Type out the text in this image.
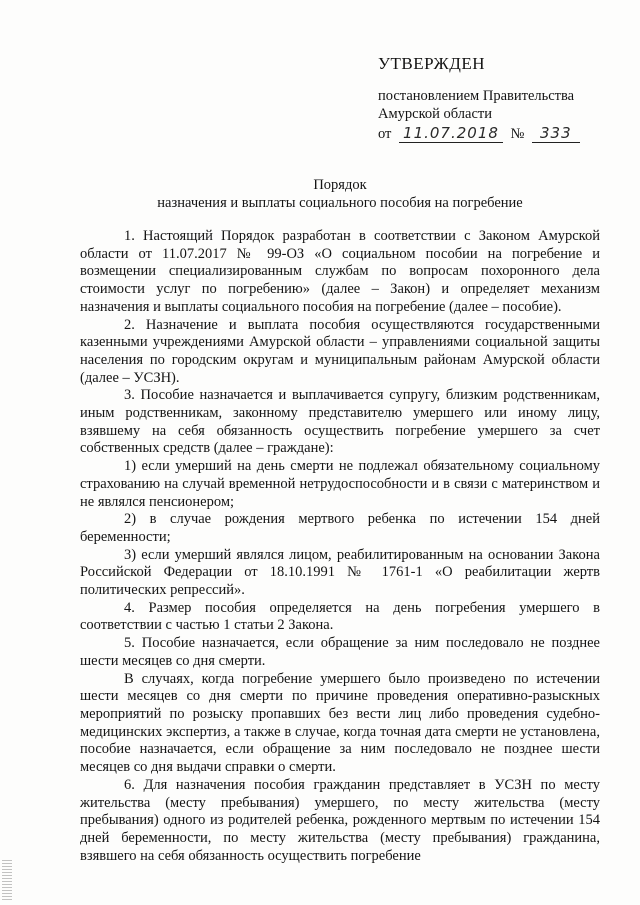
УТВЕРЖДЕН
постановлением Правительства
Амурской области
от 11.07.2018 № 333
Порядок
назначения и выплаты социального пособия на погребение

1. Настоящий Порядок разработан в соответствии с Законом Амурской области от 11.07.2017 № 99-ОЗ «О социальном пособии на погребение и возмещении специализированным службам по вопросам похоронного дела стоимости услуг по погребению» (далее – Закон) и определяет механизм назначения и выплаты социального пособия на погребение (далее – пособие).

2. Назначение и выплата пособия осуществляются государственными казенными учреждениями Амурской области – управлениями социальной защиты населения по городским округам и муниципальным районам Амурской области (далее – УСЗН).

3. Пособие назначается и выплачивается супругу, близким родственникам, иным родственникам, законному представителю умершего или иному лицу, взявшему на себя обязанность осуществить погребение умершего за счет собственных средств (далее – граждане):

1) если умерший на день смерти не подлежал обязательному социальному страхованию на случай временной нетрудоспособности и в связи с материнством и не являлся пенсионером;

2) в случае рождения мертвого ребенка по истечении 154 дней беременности;

3) если умерший являлся лицом, реабилитированным на основании Закона Российской Федерации от 18.10.1991 № 1761-1 «О реабилитации жертв политических репрессий».

4. Размер пособия определяется на день погребения умершего в соответствии с частью 1 статьи 2 Закона.

5. Пособие назначается, если обращение за ним последовало не позднее шести месяцев со дня смерти.

В случаях, когда погребение умершего было произведено по истечении шести месяцев со дня смерти по причине проведения оперативно-разыскных мероприятий по розыску пропавших без вести лиц либо проведения судебно-медицинских экспертиз, а также в случае, когда точная дата смерти не установлена, пособие назначается, если обращение за ним последовало не позднее шести месяцев со дня выдачи справки о смерти.

6. Для назначения пособия гражданин представляет в УСЗН по месту жительства (месту пребывания) умершего, по месту жительства (месту пребывания) одного из родителей ребенка, рожденного мертвым по истечении 154 дней беременности, по месту жительства (месту пребывания) гражданина, взявшего на себя обязанность осуществить погребение
